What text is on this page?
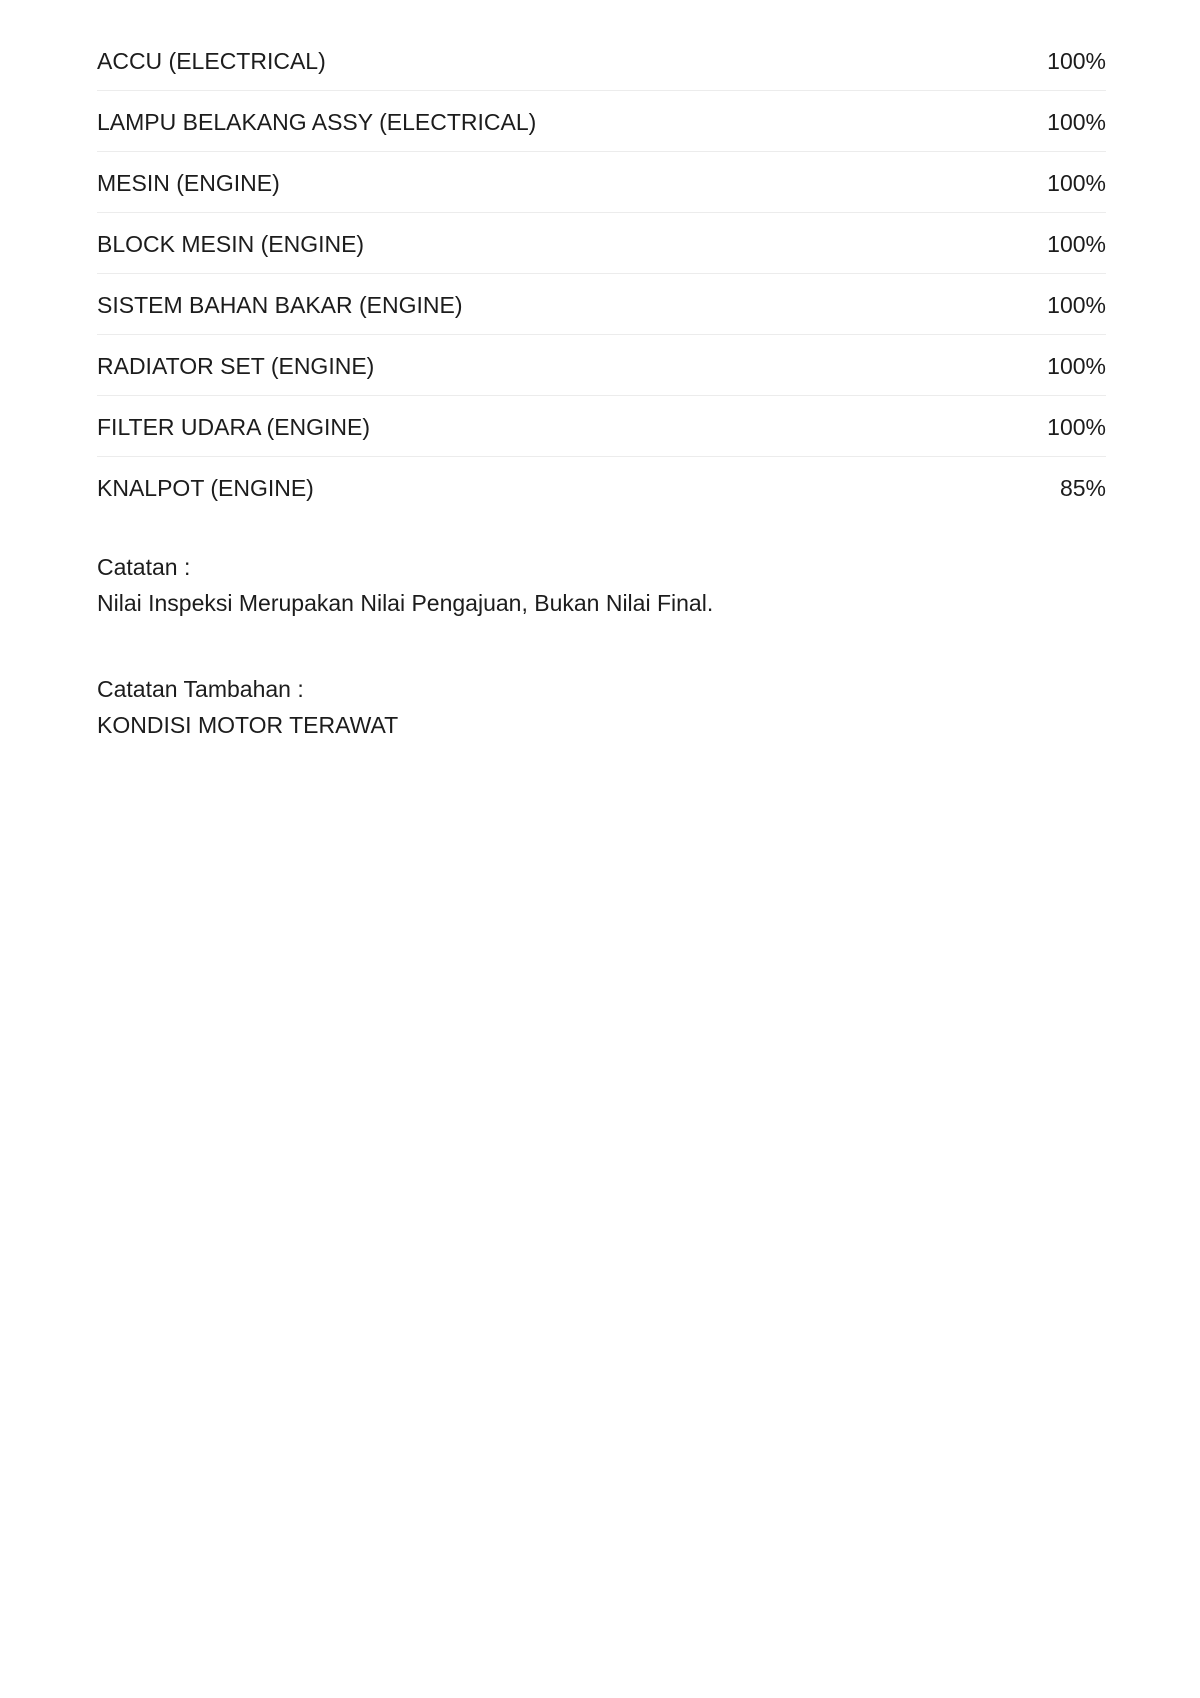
ACCU (ELECTRICAL)	100%
LAMPU BELAKANG ASSY (ELECTRICAL)	100%
MESIN (ENGINE)	100%
BLOCK MESIN (ENGINE)	100%
SISTEM BAHAN BAKAR (ENGINE)	100%
RADIATOR SET (ENGINE)	100%
FILTER UDARA (ENGINE)	100%
KNALPOT (ENGINE)	85%
Catatan :
Nilai Inspeksi Merupakan Nilai Pengajuan, Bukan Nilai Final.
Catatan Tambahan :
KONDISI MOTOR TERAWAT
